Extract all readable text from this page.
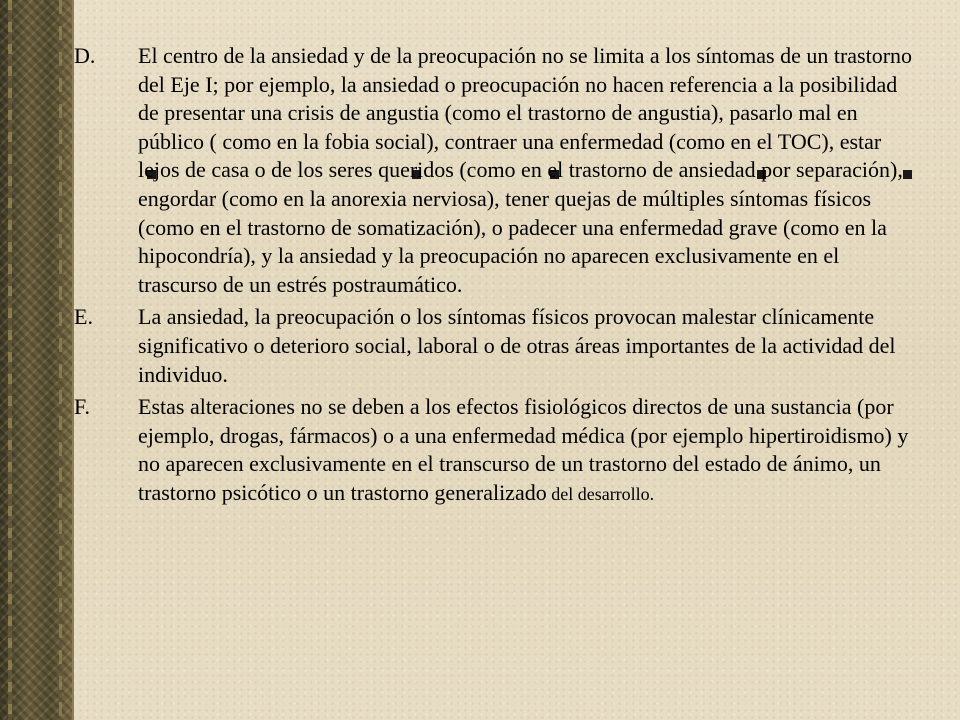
D.	El centro de la ansiedad y de la preocupación no se limita a los síntomas de un trastorno del Eje I; por ejemplo, la ansiedad o preocupación no hacen referencia a la posibilidad de presentar una crisis de angustia (como el trastorno de angustia), pasarlo mal en público ( como en la fobia social), contraer una enfermedad (como en el TOC), estar lejos de casa o de los seres queridos (como en el trastorno de ansiedad por separación), engordar (como en la anorexia nerviosa), tener quejas de múltiples síntomas físicos (como en el trastorno de somatización), o padecer una enfermedad grave (como en la hipocondría), y la ansiedad y la preocupación no aparecen exclusivamente en el trascurso de un estrés postraumático.
E.	La ansiedad, la preocupación o los síntomas físicos provocan malestar clínicamente significativo o deterioro social, laboral o de otras áreas importantes de la actividad del individuo.
F.	Estas alteraciones no se deben a los efectos fisiológicos directos de una sustancia (por ejemplo, drogas, fármacos) o a una enfermedad médica (por ejemplo hipertiroidismo) y no aparecen exclusivamente en el transcurso de un trastorno del estado de ánimo, un trastorno psicótico o un trastorno generalizado del desarrollo.
